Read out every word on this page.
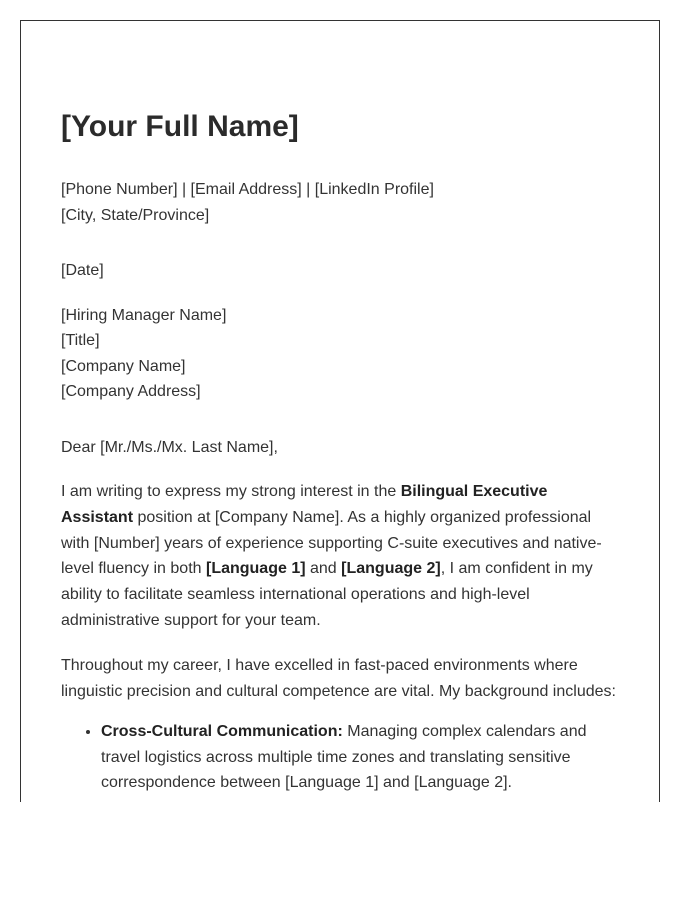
[Your Full Name]
[Phone Number] | [Email Address] | [LinkedIn Profile]
[City, State/Province]
[Date]
[Hiring Manager Name]
[Title]
[Company Name]
[Company Address]
Dear [Mr./Ms./Mx. Last Name],

I am writing to express my strong interest in the Bilingual Executive Assistant position at [Company Name]. As a highly organized professional with [Number] years of experience supporting C-suite executives and native-level fluency in both [Language 1] and [Language 2], I am confident in my ability to facilitate seamless international operations and high-level administrative support for your team.

Throughout my career, I have excelled in fast-paced environments where linguistic precision and cultural competence are vital. My background includes:

• Cross-Cultural Communication: Managing complex calendars and travel logistics across multiple time zones and translating sensitive correspondence between [Language 1] and [Language 2].
